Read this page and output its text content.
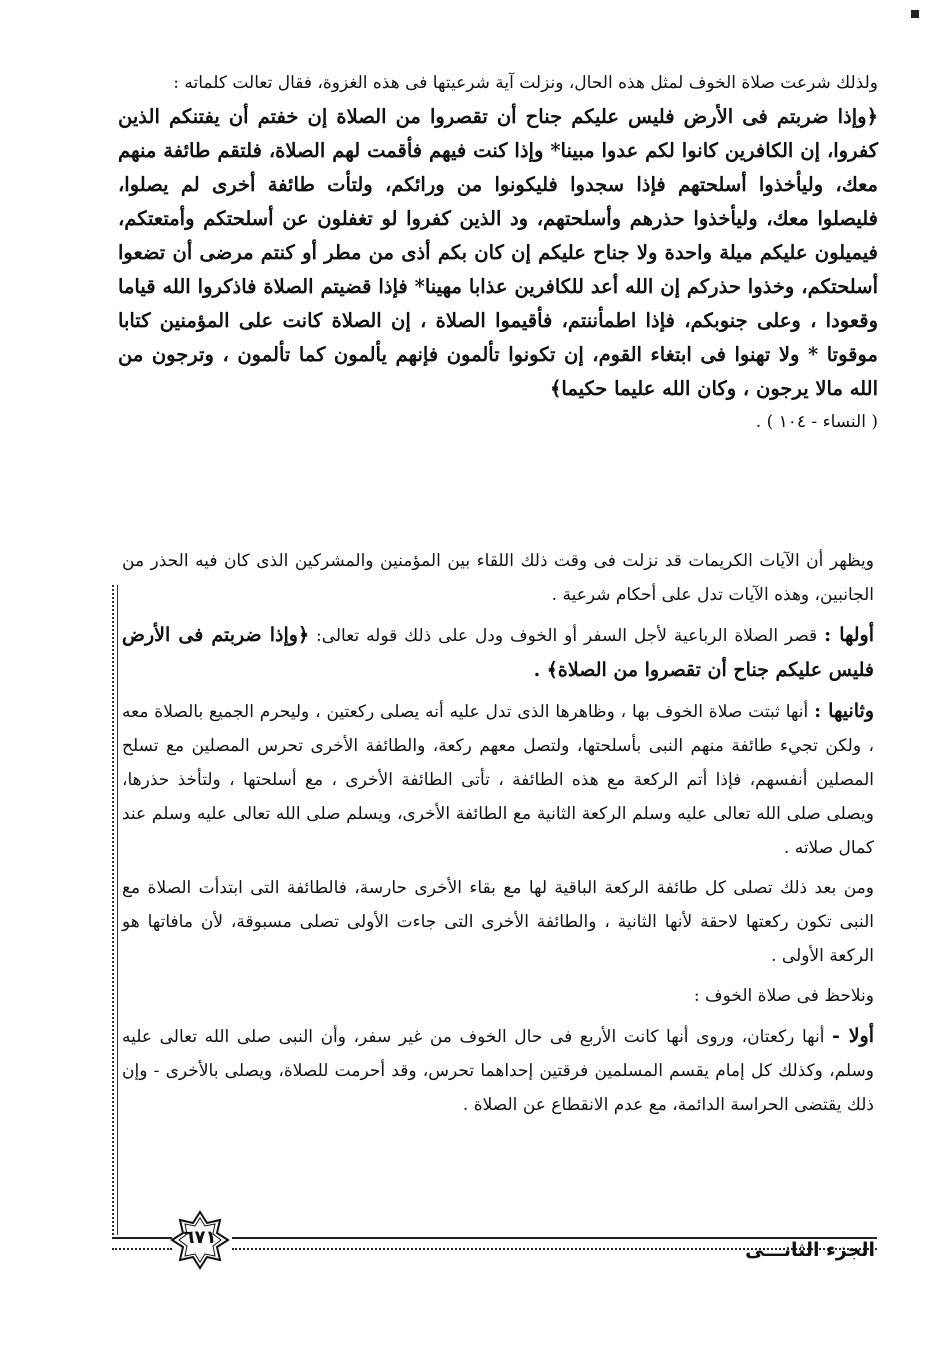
ولذلك شرعت صلاة الخوف لمثل هذه الحال، ونزلت آية شرعيتها فى هذه الغزوة، فقال تعالت كلماته :

﴿وإذا ضربتم فى الأرض فليس عليكم جناح أن تقصروا من الصلاة إن خفتم أن يفتنكم الذين كفروا، إن الكافرين كانوا لكم عدوا مبينا* وإذا كنت فيهم فأقمت لهم الصلاة، فلتقم طائفة منهم معك، وليأخذوا أسلحتهم فإذا سجدوا فليكونوا من ورائكم، ولتأت طائفة أخرى لم يصلوا، فليصلوا معك، وليأخذوا حذرهم وأسلحتهم، ود الذين كفروا لو تغفلون عن أسلحتكم وأمتعتكم، فيميلون عليكم ميلة واحدة ولا جناح عليكم إن كان بكم أذى من مطر أو كنتم مرضى أن تضعوا أسلحتكم، وخذوا حذركم إن الله أعد للكافرين عذابا مهينا* فإذا قضيتم الصلاة فاذكروا الله قياما وقعودا ، وعلى جنوبكم، فإذا اطمأننتم، فأقيموا الصلاة ، إن الصلاة كانت على المؤمنين كتابا موقوتا * ولا تهنوا فى ابتغاء القوم، إن تكونوا تألمون فإنهم يألمون كما تألمون ، وترجون من الله مالا يرجون ، وكان الله عليما حكيما﴾

( النساء - ١٠٤ ) .

ويظهر أن الآيات الكريمات قد نزلت فى وقت ذلك اللقاء بين المؤمنين والمشركين الذى كان فيه الحذر من الجانبين، وهذه الآيات تدل على أحكام شرعية .

أولها : قصر الصلاة الرباعية لأجل السفر أو الخوف ودل على ذلك قوله تعالى: ﴿وإذا ضربتم فى الأرض فليس عليكم جناح أن تقصروا من الصلاة﴾ .

وثانيها : أنها ثبتت صلاة الخوف بها ، وظاهرها الذى تدل عليه أنه يصلى ركعتين ، وليحرم الجميع بالصلاة معه ، ولكن تجيء طائفة منهم النبى بأسلحتها، ولتصل معهم ركعة، والطائفة الأخرى تحرس المصلين مع تسلح المصلين أنفسهم، فإذا أتم الركعة مع هذه الطائفة ، تأتى الطائفة الأخرى ، مع أسلحتها ، ولتأخذ حذرها، ويصلى صلى الله تعالى عليه وسلم الركعة الثانية مع الطائفة الأخرى، ويسلم صلى الله تعالى عليه وسلم عند كمال صلاته .

ومن بعد ذلك تصلى كل طائفة الركعة الباقية لها مع بقاء الأخرى حارسة، فالطائفة التى ابتدأت الصلاة مع النبى تكون ركعتها لاحقة لأنها الثانية ، والطائفة الأخرى التى جاءت الأولى تصلى مسبوقة، لأن مافاتها هو الركعة الأولى .

ونلاحظ فى صلاة الخوف :

أولا - أنها ركعتان، وروى أنها كانت الأربع فى حال الخوف من غير سفر، وأن النبى صلى الله تعالى عليه وسلم، وكذلك كل إمام يقسم المسلمين فرقتين إحداهما تحرس، وقد أحرمت للصلاة، ويصلى بالأخرى - وإن ذلك يقتضى الحراسة الدائمة، مع عدم الانقطاع عن الصلاة .

الجزء الثانـــى

٦٧١
